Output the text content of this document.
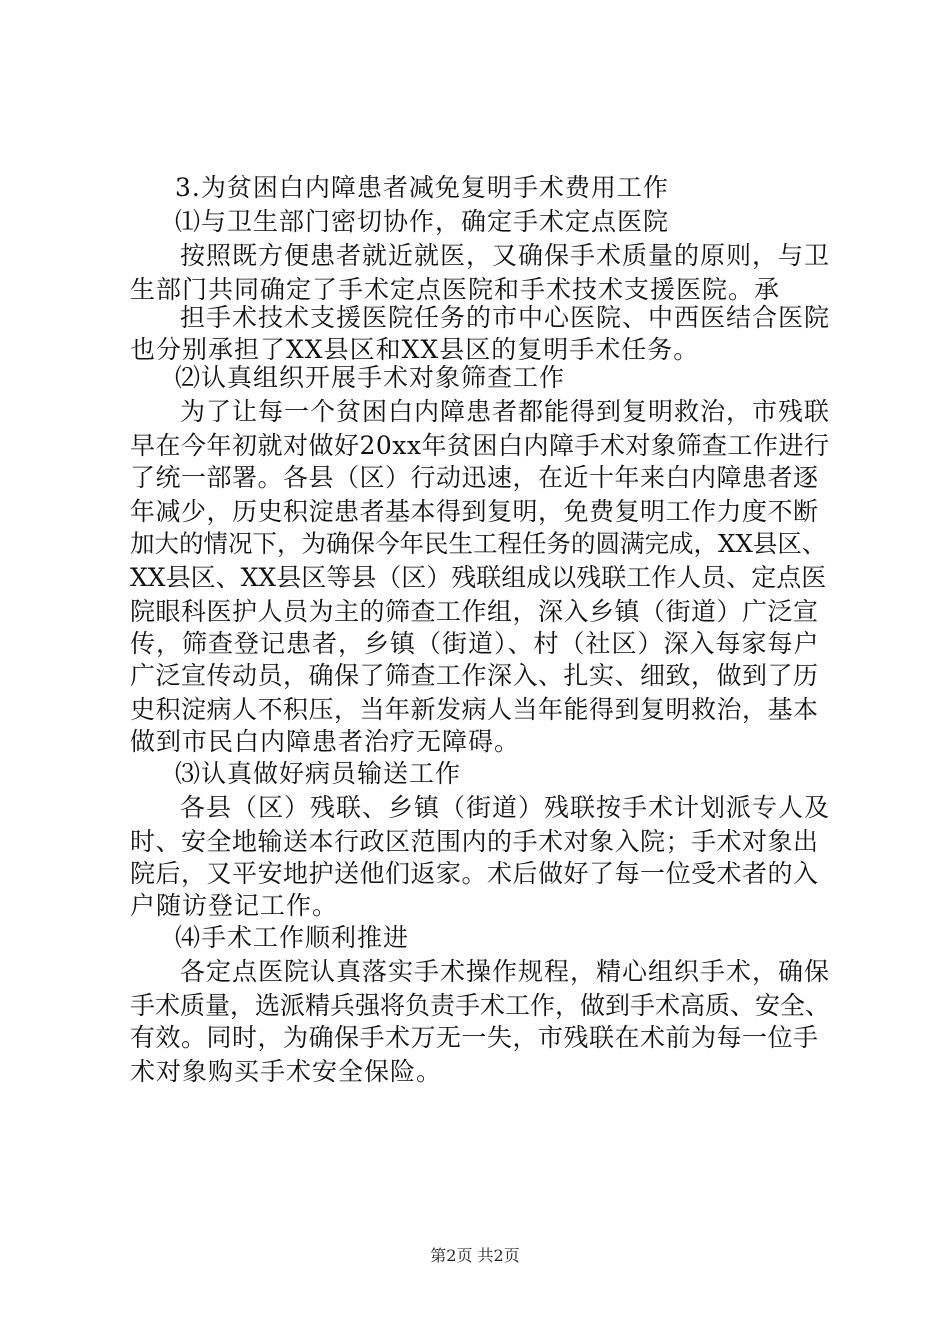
3.为贫困白内障患者减免复明手术费用工作
⑴与卫生部门密切协作，确定手术定点医院
按照既方便患者就近就医，又确保手术质量的原则，与卫
生部门共同确定了手术定点医院和手术技术支援医院。承
担手术技术支援医院任务的市中心医院、中西医结合医院
也分别承担了XX县区和XX县区的复明手术任务。
⑵认真组织开展手术对象筛查工作
为了让每一个贫困白内障患者都能得到复明救治，市残联
早在今年初就对做好20xx年贫困白内障手术对象筛查工作进行
了统一部署。各县（区）行动迅速，在近十年来白内障患者逐
年减少，历史积淀患者基本得到复明，免费复明工作力度不断
加大的情况下，为确保今年民生工程任务的圆满完成，XX县区、
XX县区、XX县区等县（区）残联组成以残联工作人员、定点医
院眼科医护人员为主的筛查工作组，深入乡镇（街道）广泛宣
传，筛查登记患者，乡镇（街道）、村（社区）深入每家每户
广泛宣传动员，确保了筛查工作深入、扎实、细致，做到了历
史积淀病人不积压，当年新发病人当年能得到复明救治，基本
做到市民白内障患者治疗无障碍。
⑶认真做好病员输送工作
各县（区）残联、乡镇（街道）残联按手术计划派专人及
时、安全地输送本行政区范围内的手术对象入院；手术对象出
院后，又平安地护送他们返家。术后做好了每一位受术者的入
户随访登记工作。
⑷手术工作顺利推进
各定点医院认真落实手术操作规程，精心组织手术，确保
手术质量，选派精兵强将负责手术工作，做到手术高质、安全、
有效。同时，为确保手术万无一失，市残联在术前为每一位手
术对象购买手术安全保险。
第2页 共2页
